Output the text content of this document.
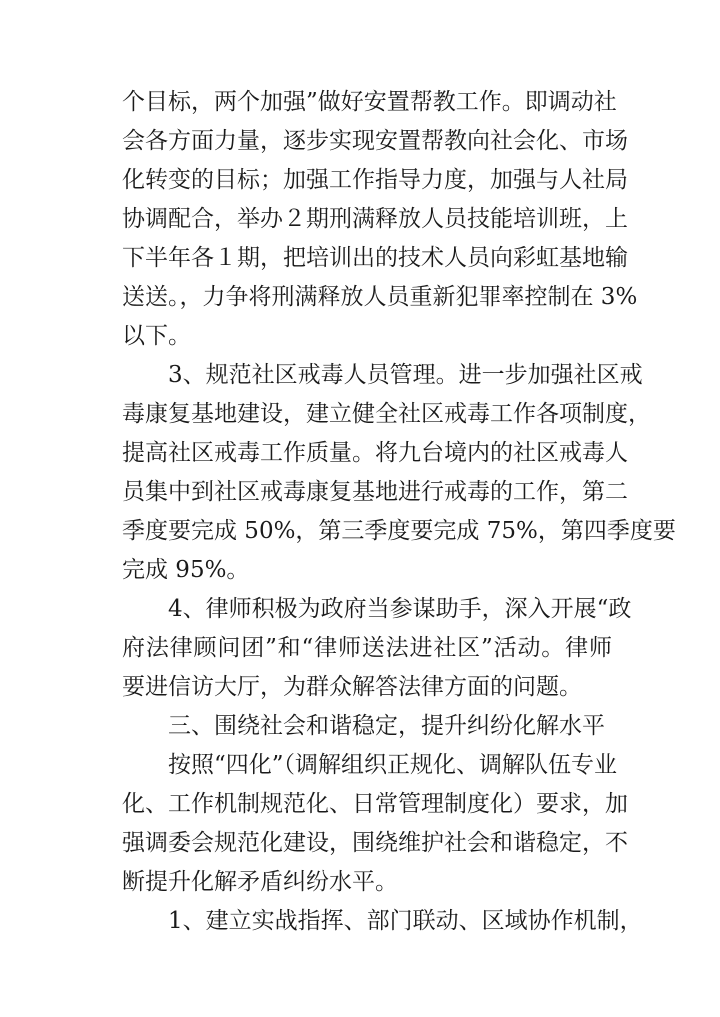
个目标，两个加强”做好安置帮教工作。即调动社
会各方面力量，逐步实现安置帮教向社会化、市场
化转变的目标；加强工作指导力度，加强与人社局
协调配合，举办２期刑满释放人员技能培训班，上
下半年各１期，把培训出的技术人员向彩虹基地输
送送。，力争将刑满释放人员重新犯罪率控制在 3%
以下。
3、规范社区戒毒人员管理。进一步加强社区戒
毒康复基地建设，建立健全社区戒毒工作各项制度，
提高社区戒毒工作质量。将九台境内的社区戒毒人
员集中到社区戒毒康复基地进行戒毒的工作，第二
季度要完成 50%，第三季度要完成 75%，第四季度要
完成 95%。
4、律师积极为政府当参谋助手，深入开展“政
府法律顾问团”和“律师送法进社区”活动。律师
要进信访大厅，为群众解答法律方面的问题。
三、围绕社会和谐稳定，提升纠纷化解水平
按照“四化”（调解组织正规化、调解队伍专业
化、工作机制规范化、日常管理制度化）要求，加
强调委会规范化建设，围绕维护社会和谐稳定，不
断提升化解矛盾纠纷水平。
1、建立实战指挥、部门联动、区域协作机制，
